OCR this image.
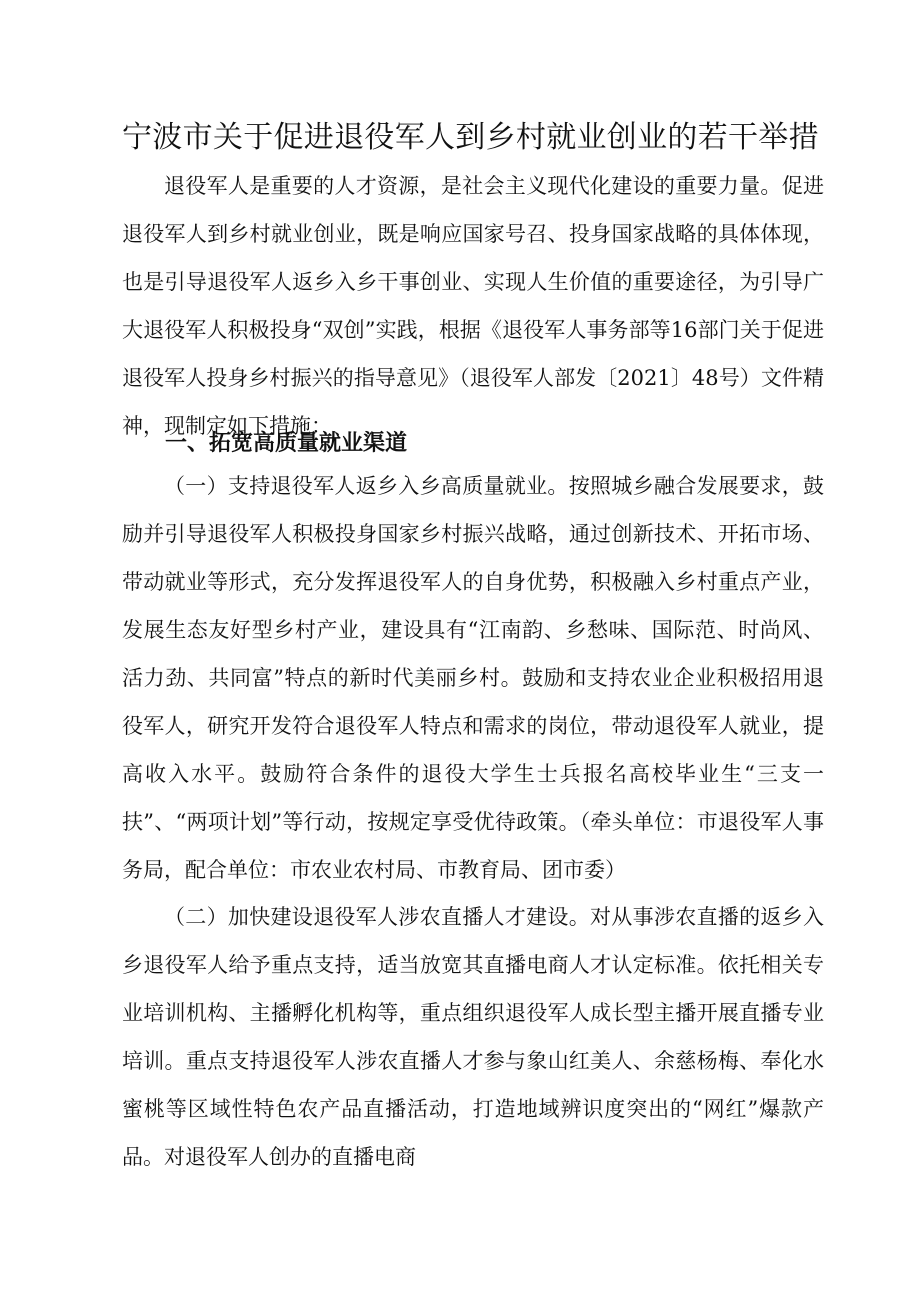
宁波市关于促进退役军人到乡村就业创业的若干举措

退役军人是重要的人才资源，是社会主义现代化建设的重要力量。促进退役军人到乡村就业创业，既是响应国家号召、投身国家战略的具体体现，也是引导退役军人返乡入乡干事创业、实现人生价值的重要途径，为引导广大退役军人积极投身“双创”实践，根据《退役军人事务部等16部门关于促进退役军人投身乡村振兴的指导意见》（退役军人部发〔2021〕48号）文件精神，现制定如下措施：

一、拓宽高质量就业渠道

（一）支持退役军人返乡入乡高质量就业。按照城乡融合发展要求，鼓励并引导退役军人积极投身国家乡村振兴战略，通过创新技术、开拓市场、带动就业等形式，充分发挥退役军人的自身优势，积极融入乡村重点产业，发展生态友好型乡村产业，建设具有“江南韵、乡愁味、国际范、时尚风、活力劲、共同富”特点的新时代美丽乡村。鼓励和支持农业企业积极招用退役军人，研究开发符合退役军人特点和需求的岗位，带动退役军人就业，提高收入水平。鼓励符合条件的退役大学生士兵报名高校毕业生“三支一扶”、“两项计划”等行动，按规定享受优待政策。（牵头单位：市退役军人事务局，配合单位：市农业农村局、市教育局、团市委）

（二）加快建设退役军人涉农直播人才建设。对从事涉农直播的返乡入乡退役军人给予重点支持，适当放宽其直播电商人才认定标准。依托相关专业培训机构、主播孵化机构等，重点组织退役军人成长型主播开展直播专业培训。重点支持退役军人涉农直播人才参与象山红美人、余慈杨梅、奉化水蜜桃等区域性特色农产品直播活动，打造地域辨识度突出的“网红”爆款产品。对退役军人创办的直播电商
